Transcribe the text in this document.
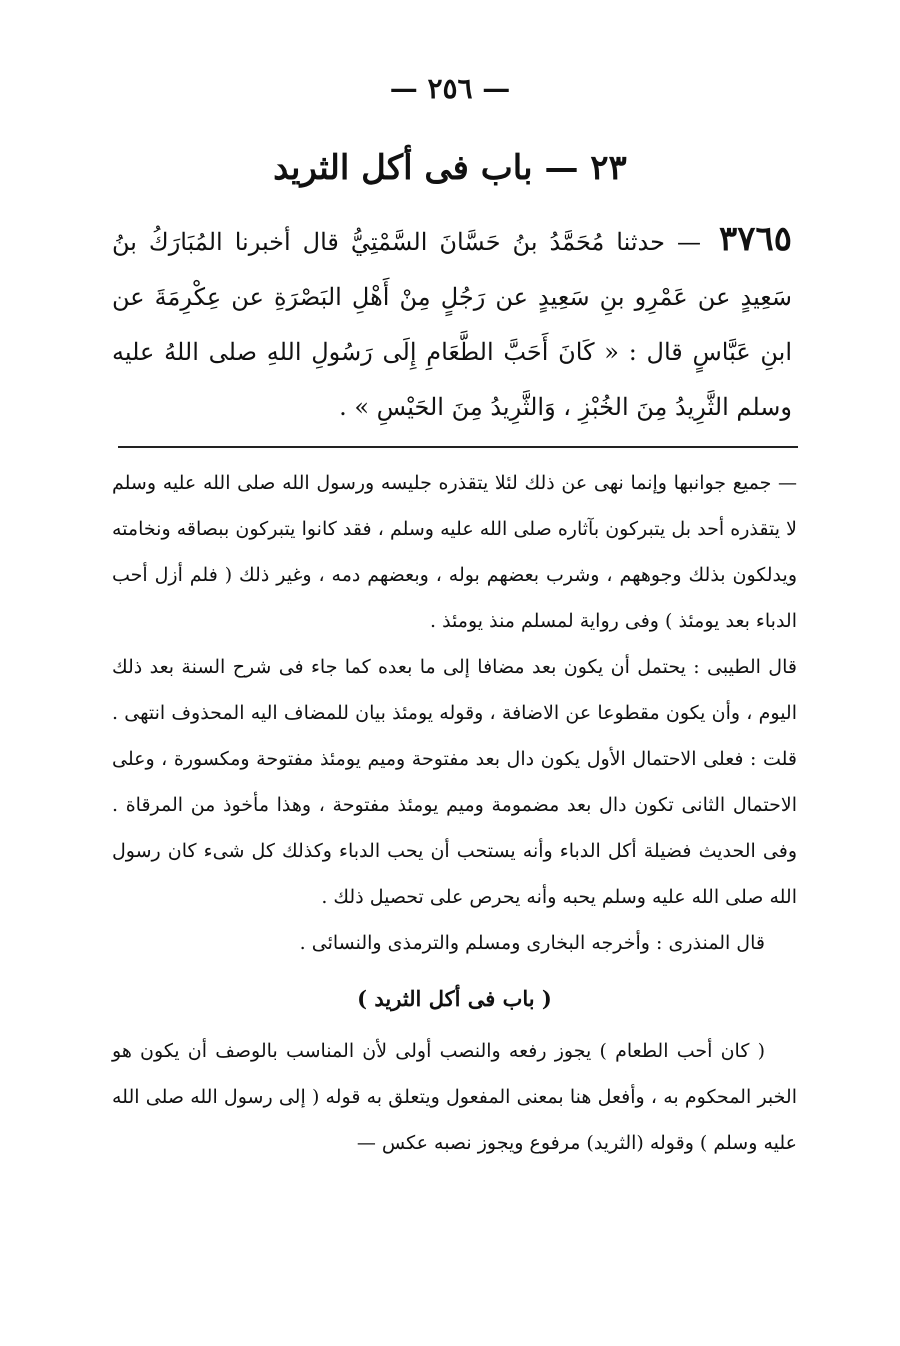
— ٢٥٦ —
٢٣ — باب فى أكل الثريد

٣٧٦٥ — حدثنا مُحَمَّدُ بنُ حَسَّانَ السَّمْتِيُّ قال أخبرنا المُبَارَكُ بنُ سَعِيدٍ عن عَمْرِو بنِ سَعِيدٍ عن رَجُلٍ مِنْ أَهْلِ البَصْرَةِ عن عِكْرِمَةَ عن ابنِ عَبَّاسٍ قال : « كَانَ أَحَبَّ الطَّعَامِ إِلَى رَسُولِ اللهِ صلى اللهُ عليه وسلم الثَّرِيدُ مِنَ الخُبْزِ ، وَالثَّرِيدُ مِنَ الحَيْسِ » .

— جميع جوانبها وإنما نهى عن ذلك لئلا يتقذره جليسه ورسول الله صلى الله عليه وسلم لا يتقذره أحد بل يتبركون بآثاره صلى الله عليه وسلم ، فقد كانوا يتبركون ببصاقه ونخامته ويدلكون بذلك وجوههم ، وشرب بعضهم بوله ، وبعضهم دمه ، وغير ذلك ( فلم أزل أحب الدباء بعد يومئذ ) وفى رواية لمسلم منذ يومئذ .

قال الطيبى : يحتمل أن يكون بعد مضافا إلى ما بعده كما جاء فى شرح السنة بعد ذلك اليوم ، وأن يكون مقطوعا عن الاضافة ، وقوله يومئذ بيان للمضاف اليه المحذوف انتهى . قلت : فعلى الاحتمال الأول يكون دال بعد مفتوحة وميم يومئذ مفتوحة ومكسورة ، وعلى الاحتمال الثانى تكون دال بعد مضمومة وميم يومئذ مفتوحة ، وهذا مأخوذ من المرقاة . وفى الحديث فضيلة أكل الدباء وأنه يستحب أن يحب الدباء وكذلك كل شىء كان رسول الله صلى الله عليه وسلم يحبه وأنه يحرص على تحصيل ذلك .

قال المنذرى : وأخرجه البخارى ومسلم والترمذى والنسائى .

( باب فى أكل الثريد )

( كان أحب الطعام ) يجوز رفعه والنصب أولى لأن المناسب بالوصف أن يكون هو الخبر المحكوم به ، وأفعل هنا بمعنى المفعول ويتعلق به قوله ( إلى رسول الله صلى الله عليه وسلم ) وقوله (الثريد) مرفوع ويجوز نصبه عكس —
